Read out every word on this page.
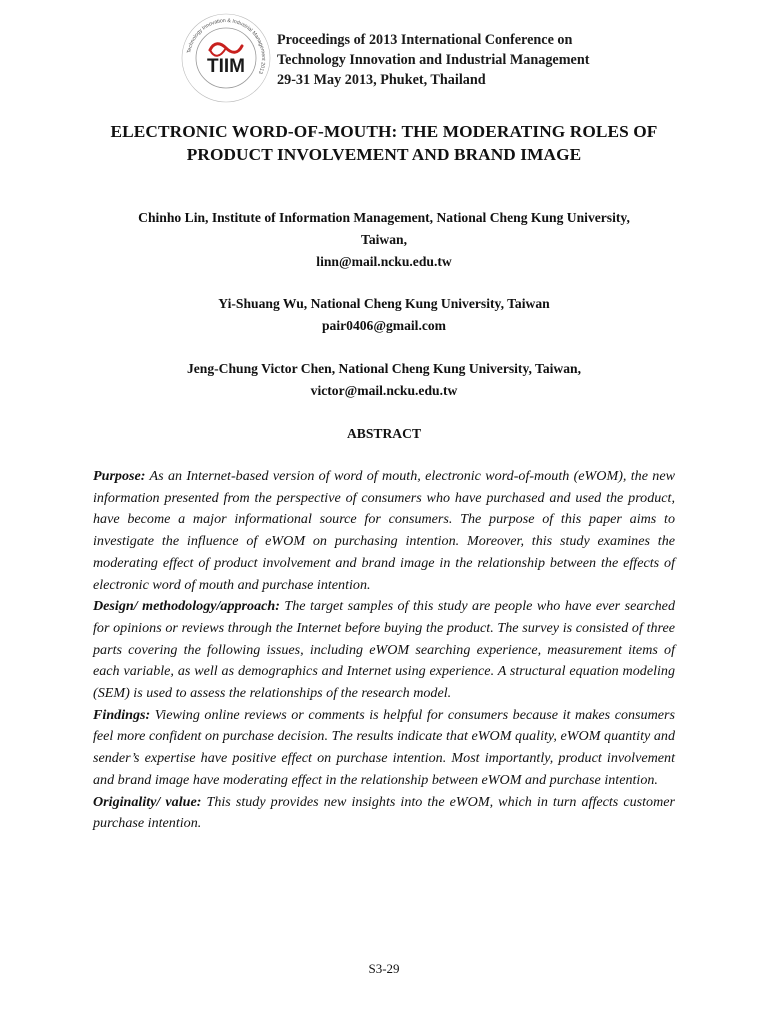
Technology Innovation & Industrial Management 2013
TIIM
Proceedings of 2013 International Conference on
Technology Innovation and Industrial Management
29-31 May 2013, Phuket, Thailand
ELECTRONIC WORD-OF-MOUTH: THE MODERATING ROLES OF
PRODUCT INVOLVEMENT AND BRAND IMAGE
Chinho Lin, Institute of Information Management, National Cheng Kung University,
Taiwan,
linn@mail.ncku.edu.tw
Yi-Shuang Wu, National Cheng Kung University, Taiwan
pair0406@gmail.com
Jeng-Chung Victor Chen, National Cheng Kung University, Taiwan,
victor@mail.ncku.edu.tw
ABSTRACT

Purpose: As an Internet-based version of word of mouth, electronic word-of-mouth (eWOM), the new information presented from the perspective of consumers who have purchased and used the product, have become a major informational source for consumers. The purpose of this paper aims to investigate the influence of eWOM on purchasing intention. Moreover, this study examines the moderating effect of product involvement and brand image in the relationship between the effects of electronic word of mouth and purchase intention.

Design/ methodology/approach: The target samples of this study are people who have ever searched for opinions or reviews through the Internet before buying the product. The survey is consisted of three parts covering the following issues, including eWOM searching experience, measurement items of each variable, as well as demographics and Internet using experience. A structural equation modeling (SEM) is used to assess the relationships of the research model.

Findings: Viewing online reviews or comments is helpful for consumers because it makes consumers feel more confident on purchase decision. The results indicate that eWOM quality, eWOM quantity and sender’s expertise have positive effect on purchase intention. Most importantly, product involvement and brand image have moderating effect in the relationship between eWOM and purchase intention.

Originality/ value: This study provides new insights into the eWOM, which in turn affects customer purchase intention.

S3-29
